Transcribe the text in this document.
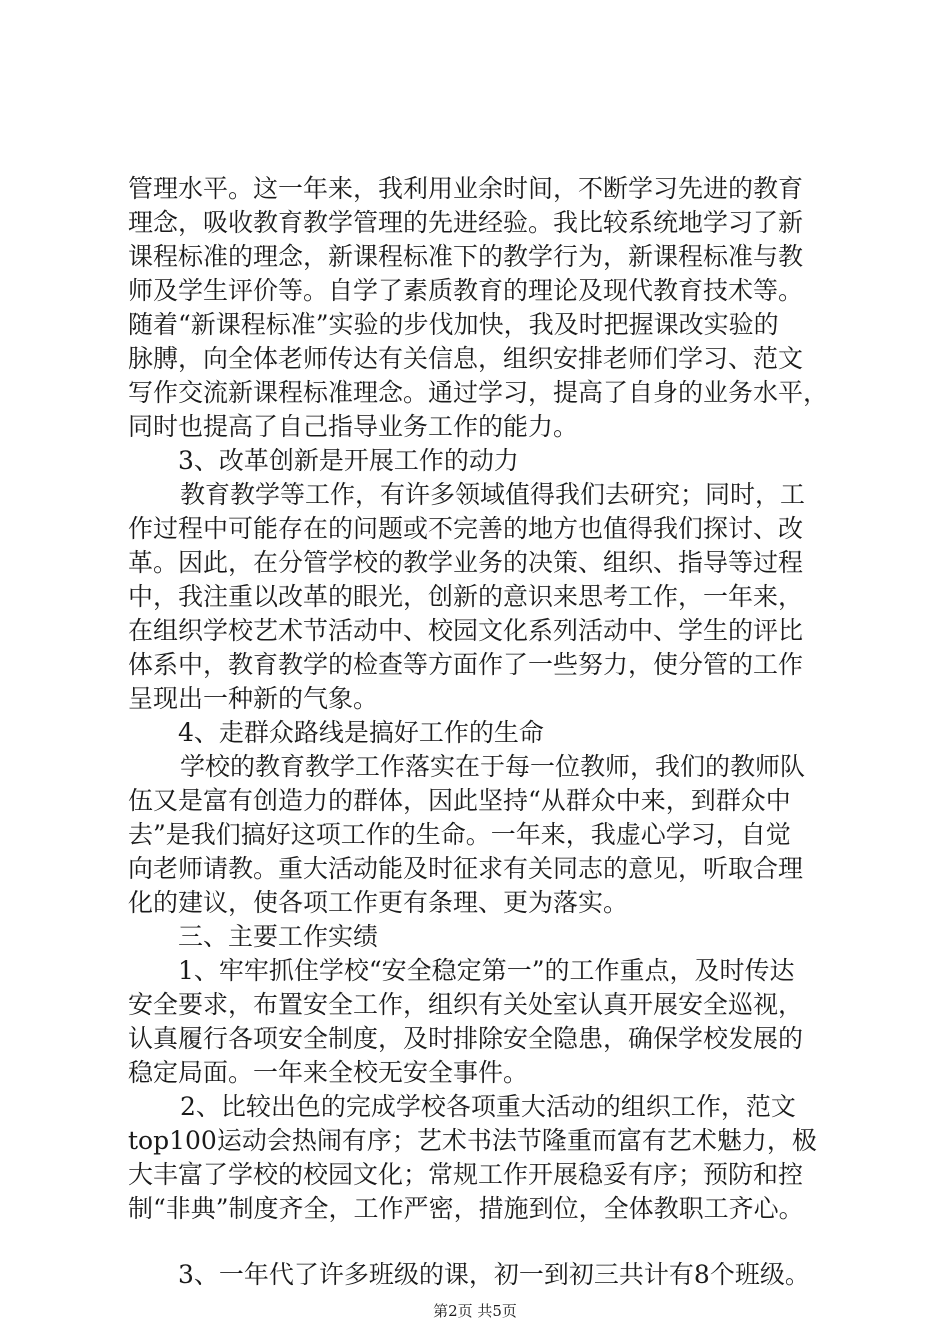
管理水平。这一年来，我利用业余时间，不断学习先进的教育
理念，吸收教育教学管理的先进经验。我比较系统地学习了新
课程标准的理念，新课程标准下的教学行为，新课程标准与教
师及学生评价等。自学了素质教育的理论及现代教育技术等。
随着“新课程标准”实验的步伐加快，我及时把握课改实验的
脉膊，向全体老师传达有关信息，组织安排老师们学习、范文
写作交流新课程标准理念。通过学习，提高了自身的业务水平，
同时也提高了自己指导业务工作的能力。
3、改革创新是开展工作的动力
教育教学等工作，有许多领域值得我们去研究；同时，工
作过程中可能存在的问题或不完善的地方也值得我们探讨、改
革。因此，在分管学校的教学业务的决策、组织、指导等过程
中，我注重以改革的眼光，创新的意识来思考工作，一年来，
在组织学校艺术节活动中、校园文化系列活动中、学生的评比
体系中，教育教学的检查等方面作了一些努力，使分管的工作
呈现出一种新的气象。
4、走群众路线是搞好工作的生命
学校的教育教学工作落实在于每一位教师，我们的教师队
伍又是富有创造力的群体，因此坚持“从群众中来，到群众中
去”是我们搞好这项工作的生命。一年来，我虚心学习，自觉
向老师请教。重大活动能及时征求有关同志的意见，听取合理
化的建议，使各项工作更有条理、更为落实。
三、主要工作实绩
1、牢牢抓住学校“安全稳定第一”的工作重点，及时传达
安全要求，布置安全工作，组织有关处室认真开展安全巡视，
认真履行各项安全制度，及时排除安全隐患，确保学校发展的
稳定局面。一年来全校无安全事件。
2、比较出色的完成学校各项重大活动的组织工作，范文
top100运动会热闹有序；艺术书法节隆重而富有艺术魅力，极
大丰富了学校的校园文化；常规工作开展稳妥有序；预防和控
制“非典”制度齐全，工作严密，措施到位，全体教职工齐心。
3、一年代了许多班级的课，初一到初三共计有8个班级。
第2页 共5页
